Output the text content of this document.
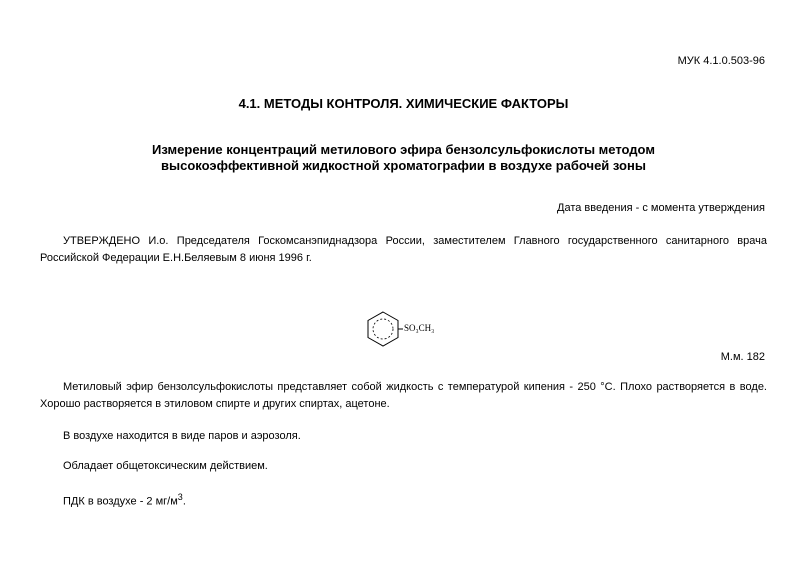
МУК 4.1.0.503-96
4.1. МЕТОДЫ КОНТРОЛЯ. ХИМИЧЕСКИЕ ФАКТОРЫ
Измерение концентраций метилового эфира бензолсульфокислоты методом
высокоэффективной жидкостной хроматографии в воздухе рабочей зоны
Дата введения - с момента утверждения
УТВЕРЖДЕНО И.о. Председателя Госкомсанэпиднадзора России, заместителем Главного государственного санитарного врача Российской Федерации Е.Н.Беляевым 8 июня 1996 г.
SO₃CH₃
М.м. 182
Метиловый эфир бензолсульфокислоты представляет собой жидкость с температурой кипения - 250 °С. Плохо растворяется в воде. Хорошо растворяется в этиловом спирте и других спиртах, ацетоне.
В воздухе находится в виде паров и аэрозоля.
Обладает общетоксическим действием.
ПДК в воздухе - 2 $мг/м^3$.
